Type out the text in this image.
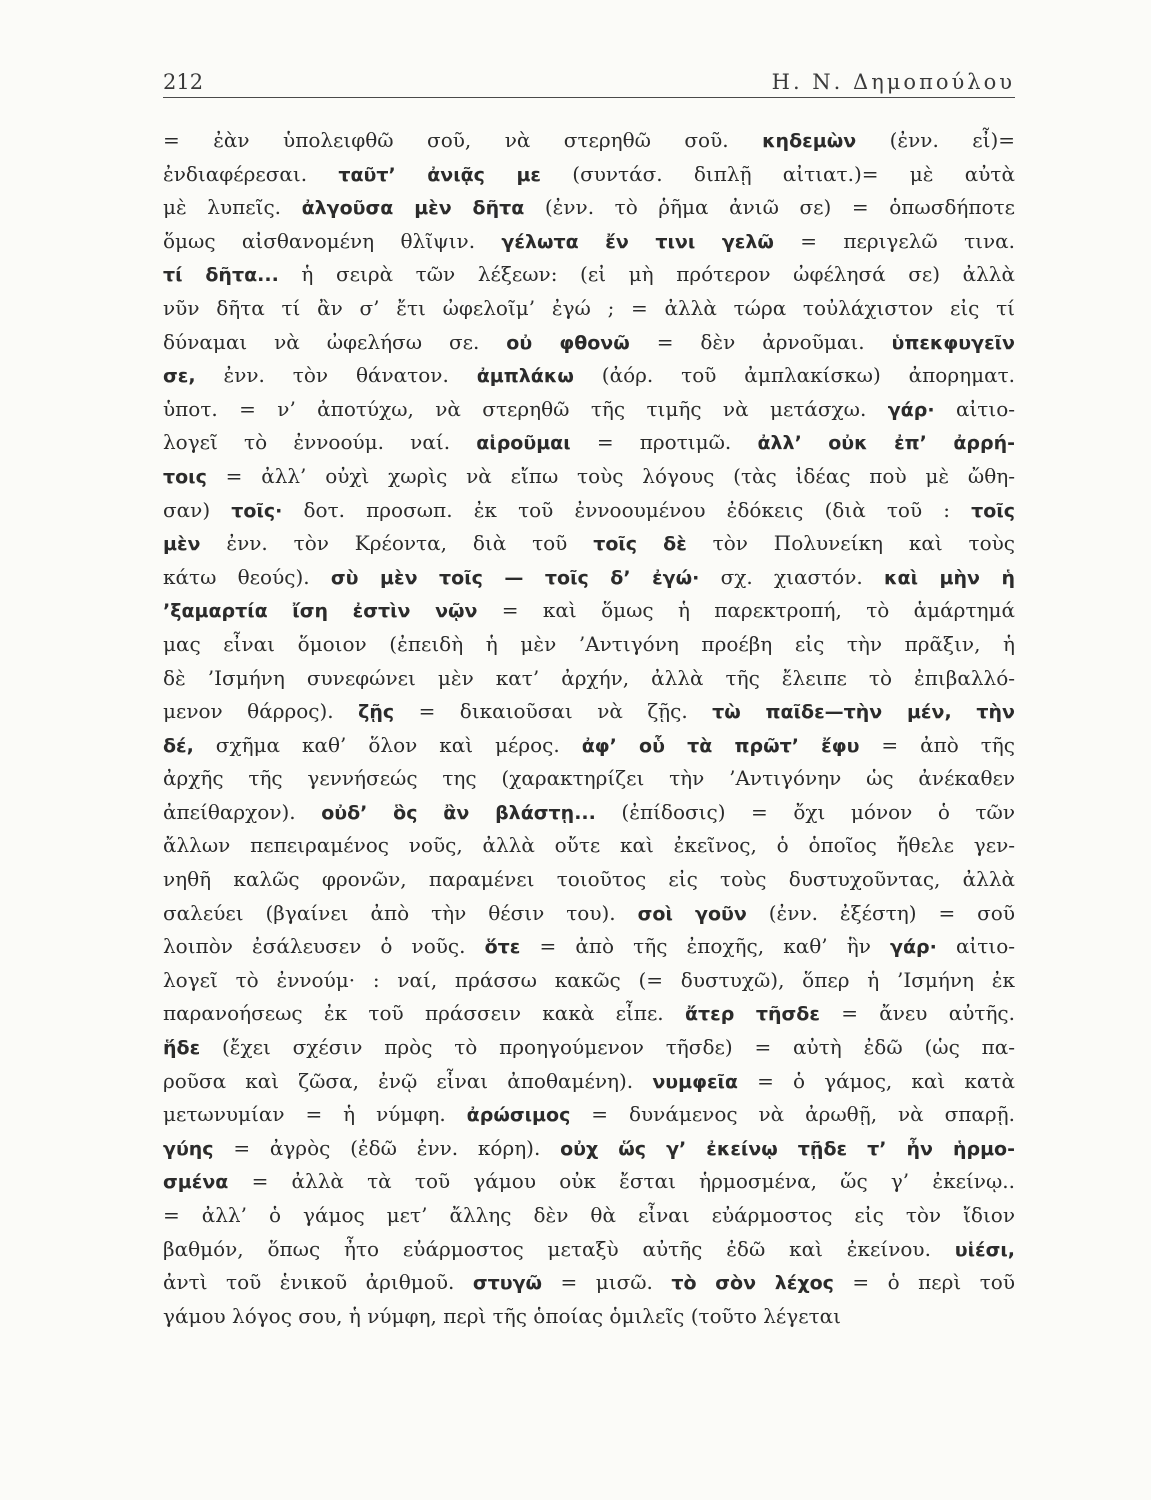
212	Η. Ν. Δημοπούλου
= ἐὰν ὑπολειφθῶ σοῦ, νὰ στερηθῶ σοῦ. κηδεμὼν (ἐνν. εἶ)=
ἐνδιαφέρεσαι. ταῦτ’ ἀνιᾷς με (συντάσ. διπλῇ αἰτιατ.)= μὲ αὐτὰ
μὲ λυπεῖς. ἀλγοῦσα μὲν δῆτα (ἐνν. τὸ ῥῆμα ἀνιῶ σε) = ὁπωσδήποτε
ὅμως αἰσθανομένη θλῖψιν. γέλωτα ἔν τινι γελῶ = περιγελῶ τινα.
τί δῆτα... ἡ σειρὰ τῶν λέξεων: (εἰ μὴ πρότερον ὠφέλησά σε) ἀλλὰ
νῦν δῆτα τί ἂν σ’ ἔτι ὠφελοῖμ’ ἐγώ ; = ἀλλὰ τώρα τοὐλάχιστον εἰς τί
δύναμαι νὰ ὠφελήσω σε. οὐ φθονῶ = δὲν ἀρνοῦμαι. ὑπεκφυγεῖν
σε, ἐνν. τὸν θάνατον. ἀμπλάκω (ἀόρ. τοῦ ἀμπλακίσκω) ἀπορηματ.
ὑποτ. = ν’ ἀποτύχω, νὰ στερηθῶ τῆς τιμῆς νὰ μετάσχω. γάρ· αἰτιο-
λογεῖ τὸ ἐννοούμ. ναί. αἱροῦμαι = προτιμῶ. ἀλλ’ οὐκ ἐπ’ ἀρρή-
τοις = ἀλλ’ οὐχὶ χωρὶς νὰ εἴπω τοὺς λόγους (τὰς ἰδέας ποὺ μὲ ὤθη-
σαν) τοῖς· δοτ. προσωπ. ἐκ τοῦ ἐννοουμένου ἐδόκεις (διὰ τοῦ : τοῖς
μὲν ἐνν. τὸν Κρέοντα, διὰ τοῦ τοῖς δὲ τὸν Πολυνείκη καὶ τοὺς
κάτω θεούς). σὺ μὲν τοῖς — τοῖς δ’ ἐγώ· σχ. χιαστόν. καὶ μὴν ἡ
’ξαμαρτία ἴση ἐστὶν νῷν = καὶ ὅμως ἡ παρεκτροπή, τὸ ἁμάρτημά
μας εἶναι ὅμοιον (ἐπειδὴ ἡ μὲν ’Αντιγόνη προέβη εἰς τὴν πρᾶξιν, ἡ
δὲ ’Ισμήνη συνεφώνει μὲν κατ’ ἀρχήν, ἀλλὰ τῆς ἔλειπε τὸ ἐπιβαλλό-
μενον θάρρος). ζῇς = δικαιοῦσαι νὰ ζῇς. τὼ παῖδε—τὴν μέν, τὴν
δέ, σχῆμα καθ’ ὅλον καὶ μέρος. ἀφ’ οὗ τὰ πρῶτ’ ἔφυ = ἀπὸ τῆς
ἀρχῆς τῆς γεννήσεώς της (χαρακτηρίζει τὴν ’Αντιγόνην ὡς ἀνέκαθεν
ἀπείθαρχον). οὐδ’ ὃς ἂν βλάστῃ... (ἐπίδοσις) = ὄχι μόνον ὁ τῶν
ἄλλων πεπειραμένος νοῦς, ἀλλὰ οὔτε καὶ ἐκεῖνος, ὁ ὁποῖος ἤθελε γεν-
νηθῆ καλῶς φρονῶν, παραμένει τοιοῦτος εἰς τοὺς δυστυχοῦντας, ἀλλὰ
σαλεύει (βγαίνει ἀπὸ τὴν θέσιν του). σοὶ γοῦν (ἐνν. ἐξέστη) = σοῦ
λοιπὸν ἐσάλευσεν ὁ νοῦς. ὅτε = ἀπὸ τῆς ἐποχῆς, καθ’ ἣν γάρ· αἰτιο-
λογεῖ τὸ ἐννούμ· : ναί, πράσσω κακῶς (= δυστυχῶ), ὅπερ ἡ ’Ισμήνη ἐκ
παρανοήσεως ἐκ τοῦ πράσσειν κακὰ εἶπε. ἄτερ τῆσδε = ἄνευ αὐτῆς.
ἥδε (ἔχει σχέσιν πρὸς τὸ προηγούμενον τῆσδε) = αὐτὴ ἐδῶ (ὡς πα-
ροῦσα καὶ ζῶσα, ἐνῷ εἶναι ἀποθαμένη). νυμφεῖα = ὁ γάμος, καὶ κατὰ
μετωνυμίαν = ἡ νύμφη. ἀρώσιμος = δυνάμενος νὰ ἀρωθῇ, νὰ σπαρῇ.
γύης = ἀγρὸς (ἐδῶ ἐνν. κόρη). οὐχ ὥς γ’ ἐκείνῳ τῇδε τ’ ἦν ἡρμο-
σμένα = ἀλλὰ τὰ τοῦ γάμου οὐκ ἔσται ἡρμοσμένα, ὥς γ’ ἐκείνῳ..
= ἀλλ’ ὁ γάμος μετ’ ἄλλης δὲν θὰ εἶναι εὐάρμοστος εἰς τὸν ἴδιον
βαθμόν, ὅπως ἦτο εὐάρμοστος μεταξὺ αὐτῆς ἐδῶ καὶ ἐκείνου. υἱέσι,
ἀντὶ τοῦ ἑνικοῦ ἀριθμοῦ. στυγῶ = μισῶ. τὸ σὸν λέχος = ὁ περὶ τοῦ
γάμου λόγος σου, ἡ νύμφη, περὶ τῆς ὁποίας ὁμιλεῖς (τοῦτο λέγεται
